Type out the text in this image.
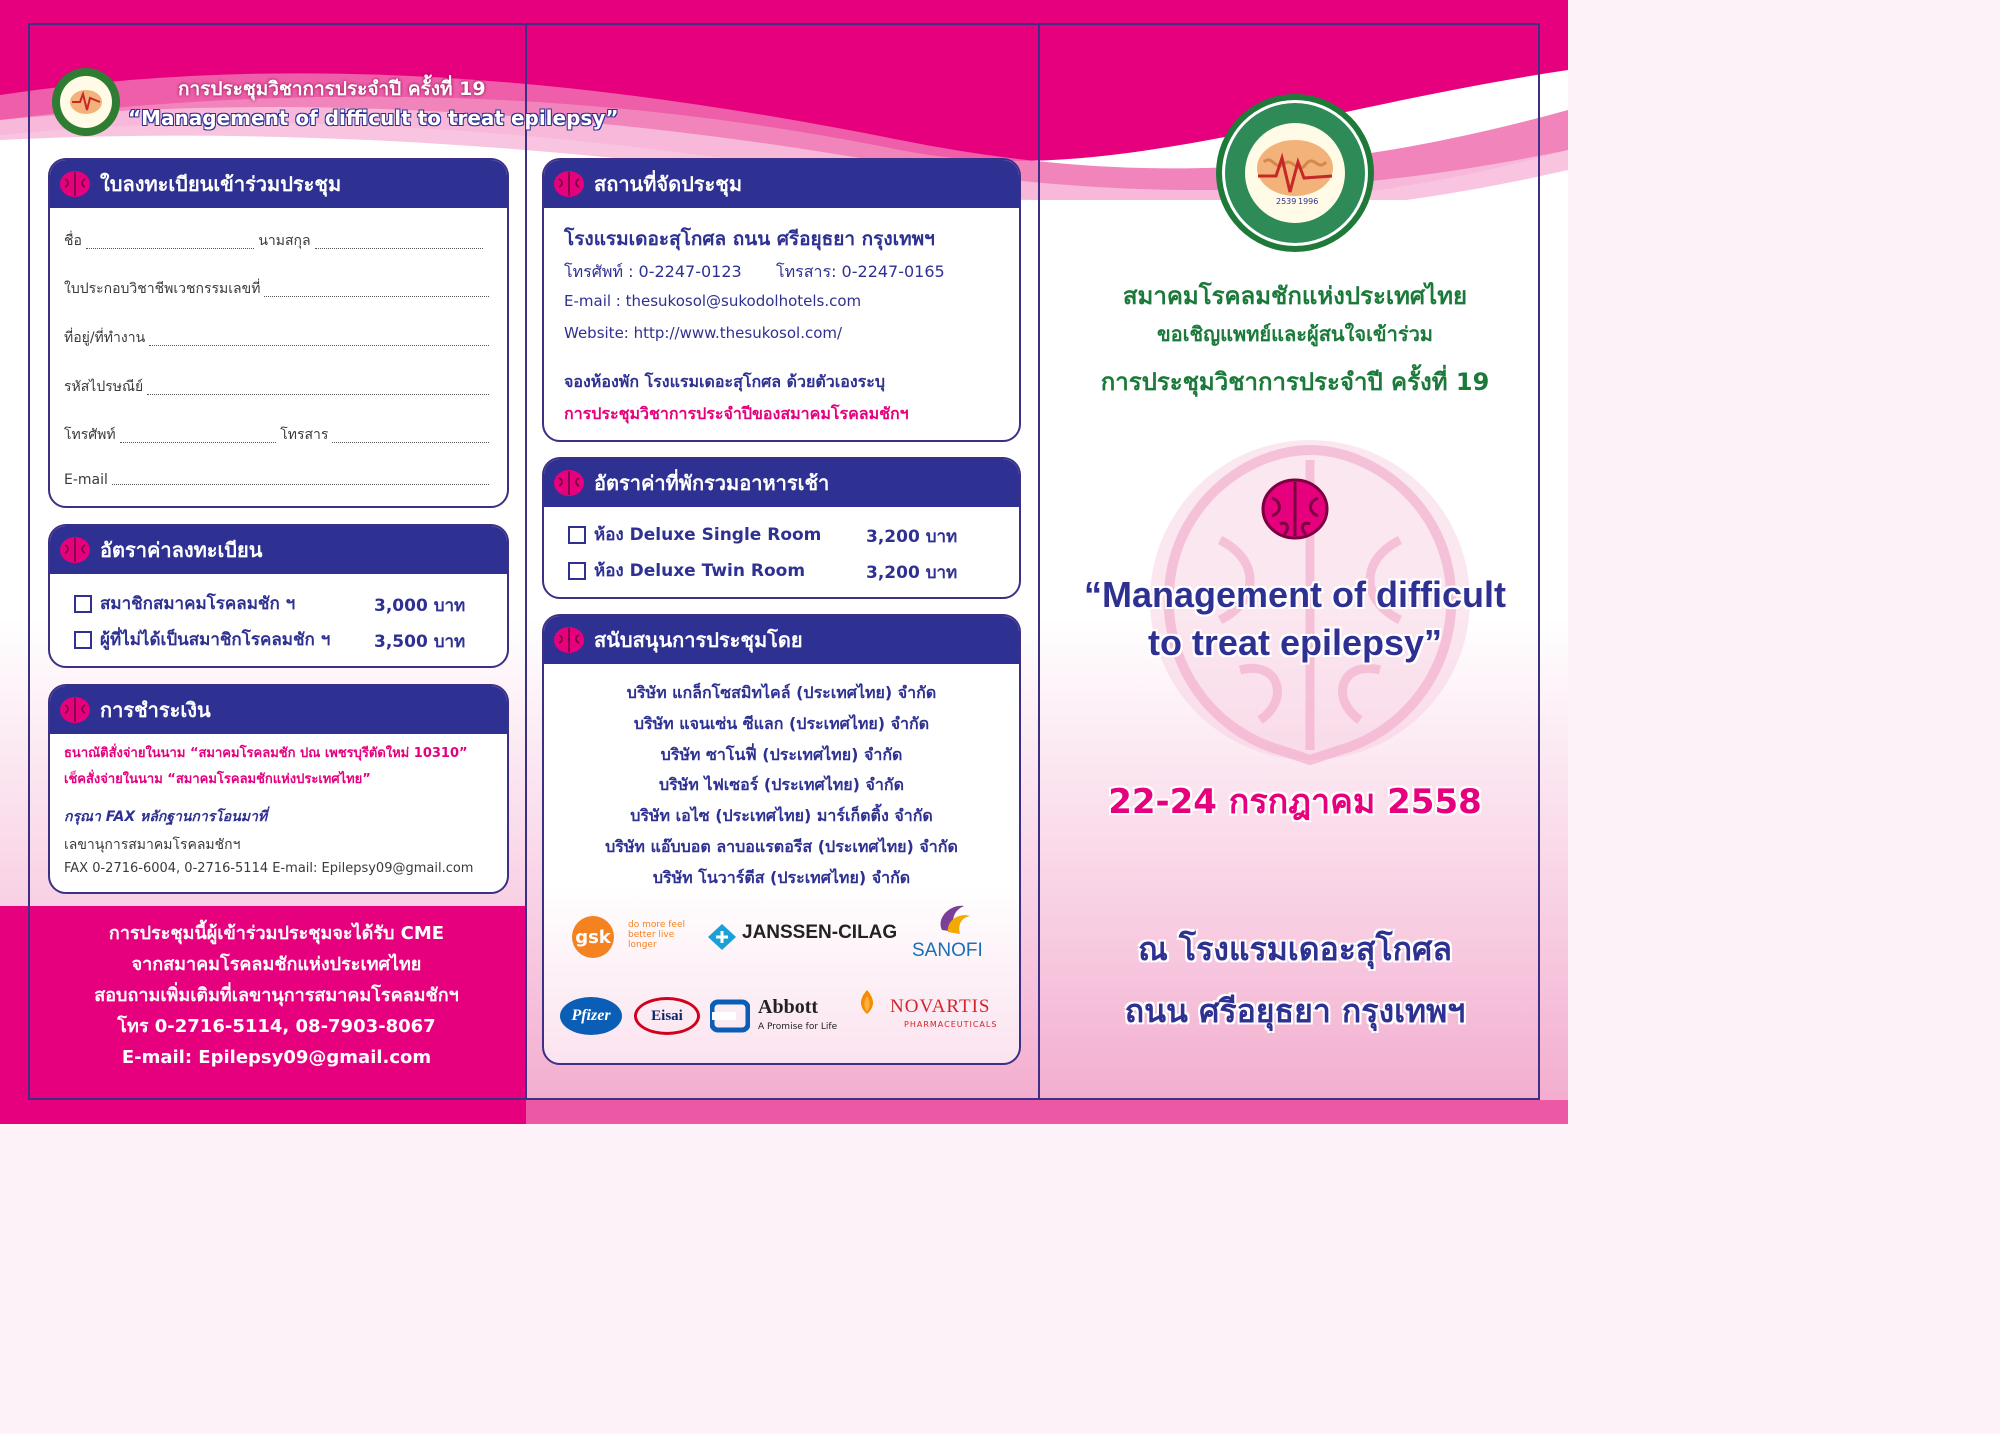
การประชุมวิชาการประจำปี ครั้งที่ 19
“Management of difficult to treat epilepsy”
ใบลงทะเบียนเข้าร่วมประชุม
ชื่อ	นามสกุล
ใบประกอบวิชาชีพเวชกรรมเลขที่
ที่อยู่/ที่ทำงาน
รหัสไปรษณีย์
โทรศัพท์	โทรสาร
E-mail
อัตราค่าลงทะเบียน
สมาชิกสมาคมโรคลมชัก ฯ	3,000 บาท
ผู้ที่ไม่ได้เป็นสมาชิกโรคลมชัก ฯ	3,500 บาท
การชำระเงิน
ธนาณัติสั่งจ่ายในนาม “สมาคมโรคลมชัก ปณ เพชรบุรีตัดใหม่ 10310”
เช็คสั่งจ่ายในนาม “สมาคมโรคลมชักแห่งประเทศไทย”
กรุณา FAX หลักฐานการโอนมาที่
เลขานุการสมาคมโรคลมชักฯ
FAX 0-2716-6004, 0-2716-5114 E-mail: Epilepsy09@gmail.com
การประชุมนี้ผู้เข้าร่วมประชุมจะได้รับ CME
จากสมาคมโรคลมชักแห่งประเทศไทย
สอบถามเพิ่มเติมที่เลขานุการสมาคมโรคลมชักฯ
โทร 0-2716-5114, 08-7903-8067
E-mail: Epilepsy09@gmail.com
สถานที่จัดประชุม
โรงแรมเดอะสุโกศล ถนน ศรีอยุธยา กรุงเทพฯ
โทรศัพท์ : 0-2247-0123 โทรสาร: 0-2247-0165
E-mail : thesukosol@sukodolhotels.com
Website: http://www.thesukosol.com/
จองห้องพัก โรงแรมเดอะสุโกศล ด้วยตัวเองระบุ
การประชุมวิชาการประจำปีของสมาคมโรคลมชักฯ
อัตราค่าที่พักรวมอาหารเช้า
ห้อง Deluxe Single Room	3,200 บาท
ห้อง Deluxe Twin Room	3,200 บาท
สนับสนุนการประชุมโดย
บริษัท แกล็กโซสมิทไคล์ (ประเทศไทย) จำกัด
บริษัท แจนเซ่น ซีแลก (ประเทศไทย) จำกัด
บริษัท ซาโนฟี่ (ประเทศไทย) จำกัด
บริษัท ไฟเซอร์ (ประเทศไทย) จำกัด
บริษัท เอไซ (ประเทศไทย) มาร์เก็ตติ้ง จำกัด
บริษัท แอ๊บบอต ลาบอแรตอรีส (ประเทศไทย) จำกัด
บริษัท โนวาร์ตีส (ประเทศไทย) จำกัด
gsk
do more feel better live longer
JANSSEN-CILAG
SANOFI
Pfizer	Eisai	Abbott
A Promise for Life
NOVARTIS
PHARMACEUTICALS
2539 1996
สมาคมโรคลมชักแห่งประเทศไทย
ขอเชิญแพทย์และผู้สนใจเข้าร่วม
การประชุมวิชาการประจำปี ครั้งที่ 19
“Management of difficult
to treat epilepsy”
22-24 กรกฎาคม 2558
ณ โรงแรมเดอะสุโกศล
ถนน ศรีอยุธยา กรุงเทพฯ
